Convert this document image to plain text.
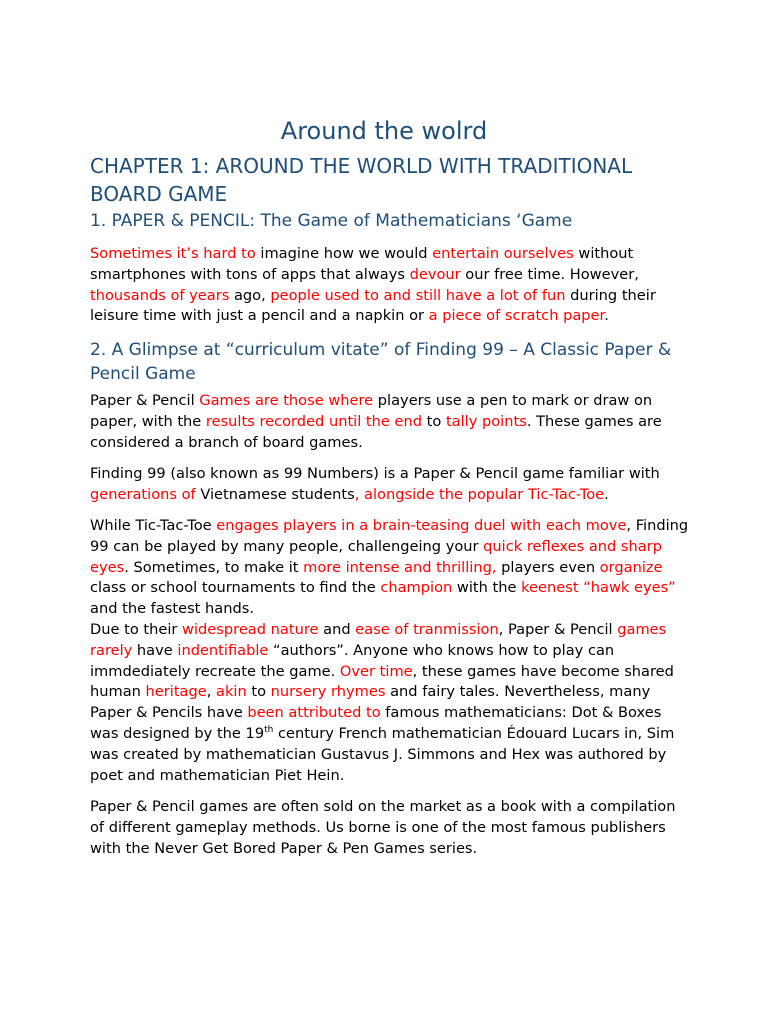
Around the wolrd
CHAPTER 1: AROUND THE WORLD WITH TRADITIONAL BOARD GAME
1. PAPER & PENCIL: The Game of Mathematicians ‘Game
Sometimes it’s hard to imagine how we would entertain ourselves without smartphones with tons of apps that always devour our free time. However, thousands of years ago, people used to and still have a lot of fun during their leisure time with just a pencil and a napkin or a piece of scratch paper.
2. A Glimpse at “curriculum vitate” of Finding 99 – A Classic Paper & Pencil Game
Paper & Pencil Games are those where players use a pen to mark or draw on paper, with the results recorded until the end to tally points. These games are considered a branch of board games.
Finding 99 (also known as 99 Numbers) is a Paper & Pencil game familiar with generations of Vietnamese students, alongside the popular Tic-Tac-Toe.
While Tic-Tac-Toe engages players in a brain-teasing duel with each move, Finding 99 can be played by many people, challengeing your quick reflexes and sharp eyes. Sometimes, to make it more intense and thrilling, players even organize class or school tournaments to find the champion with the keenest “hawk eyes” and the fastest hands.
Due to their widespread nature and ease of tranmission, Paper & Pencil games rarely have indentifiable “authors”. Anyone who knows how to play can immdediately recreate the game. Over time, these games have become shared human heritage, akin to nursery rhymes and fairy tales. Nevertheless, many Paper & Pencils have been attributed to famous mathematicians: Dot & Boxes was designed by the 19th century French mathematician Édouard Lucars in, Sim was created by mathematician Gustavus J. Simmons and Hex was authored by poet and mathematician Piet Hein.
Paper & Pencil games are often sold on the market as a book with a compilation of different gameplay methods. Us borne is one of the most famous publishers with the Never Get Bored Paper & Pen Games series.
